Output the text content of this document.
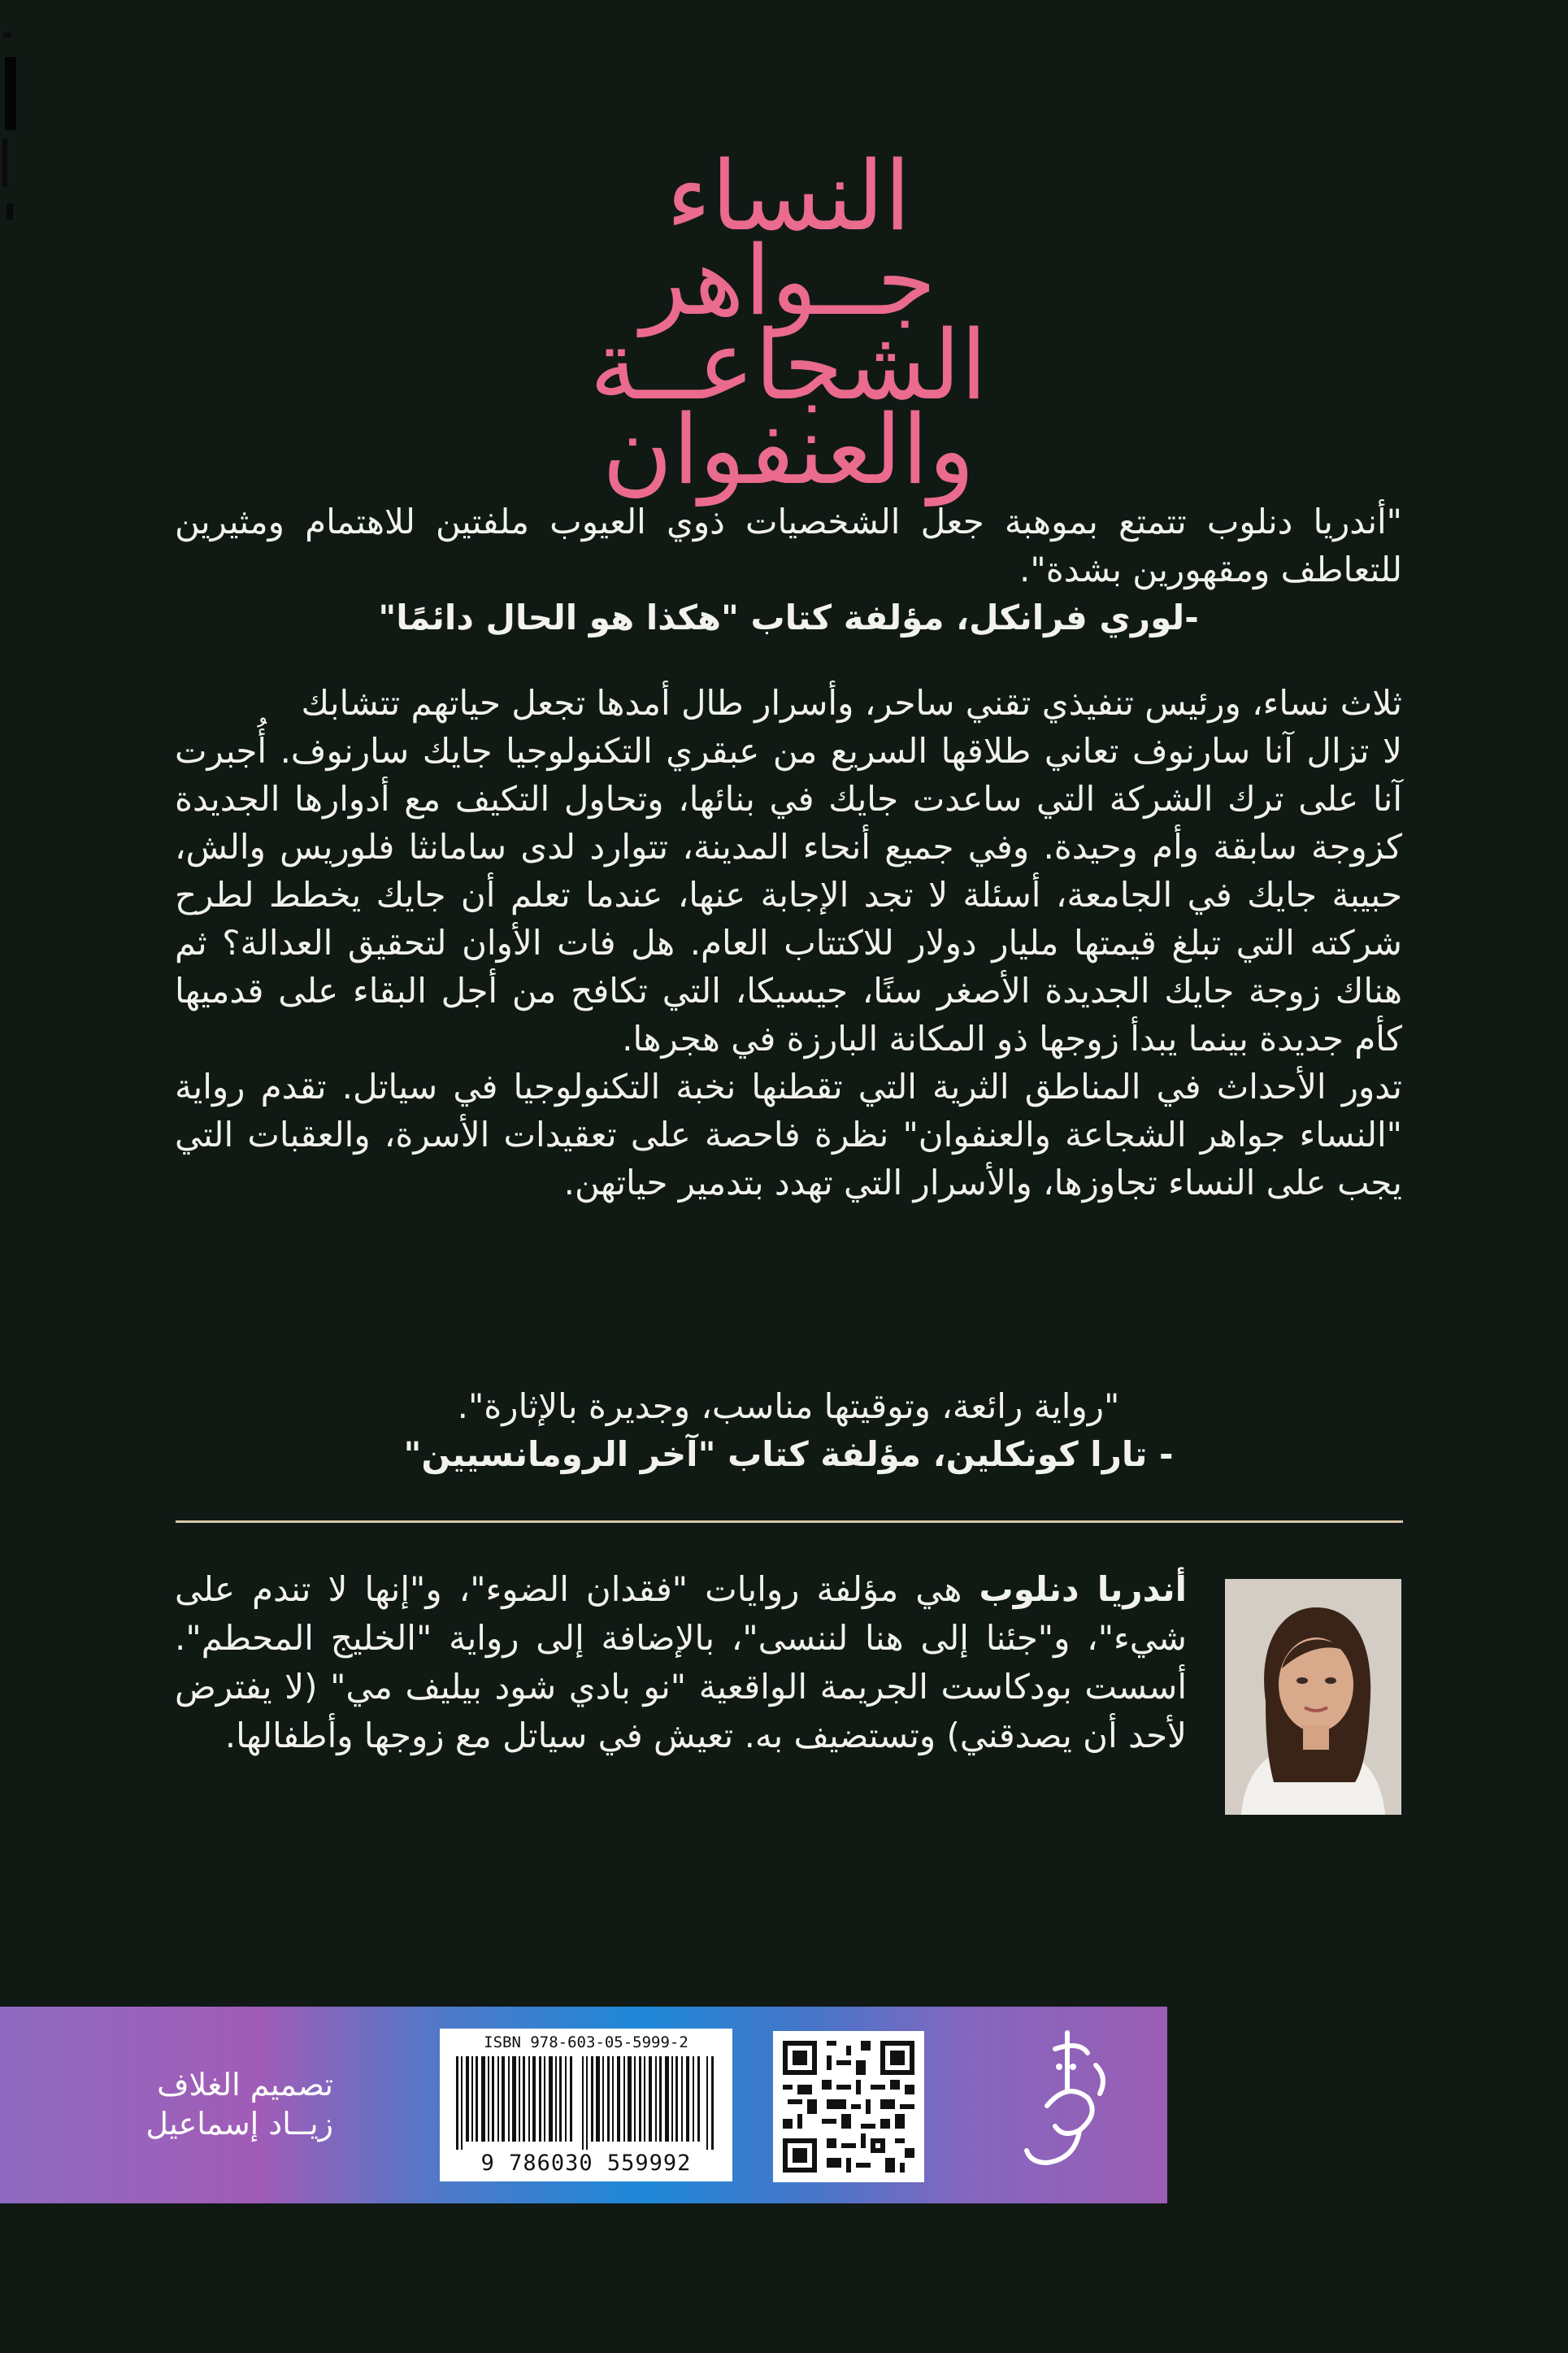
النساء
جــواهر
الشجاعــة
والعنفوان
"أندريا دنلوب تتمتع بموهبة جعل الشخصيات ذوي العيوب ملفتين للاهتمام ومثيرين للتعاطف ومقهورين بشدة".
-لوري فرانكل، مؤلفة كتاب "هكذا هو الحال دائمًا"

ثلاث نساء، ورئيس تنفيذي تقني ساحر، وأسرار طال أمدها تجعل حياتهم تتشابك

لا تزال آنا سارنوف تعاني طلاقها السريع من عبقري التكنولوجيا جايك سارنوف. أُجبرت آنا على ترك الشركة التي ساعدت جايك في بنائها، وتحاول التكيف مع أدوارها الجديدة كزوجة سابقة وأم وحيدة. وفي جميع أنحاء المدينة، تتوارد لدى سامانثا فلوريس والش، حبيبة جايك في الجامعة، أسئلة لا تجد الإجابة عنها، عندما تعلم أن جايك يخطط لطرح شركته التي تبلغ قيمتها مليار دولار للاكتتاب العام. هل فات الأوان لتحقيق العدالة؟ ثم هناك زوجة جايك الجديدة الأصغر سنًا، جيسيكا، التي تكافح من أجل البقاء على قدميها كأم جديدة بينما يبدأ زوجها ذو المكانة البارزة في هجرها.

تدور الأحداث في المناطق الثرية التي تقطنها نخبة التكنولوجيا في سياتل. تقدم رواية "النساء جواهر الشجاعة والعنفوان" نظرة فاحصة على تعقيدات الأسرة، والعقبات التي يجب على النساء تجاوزها، والأسرار التي تهدد بتدمير حياتهن.

"رواية رائعة، وتوقيتها مناسب، وجديرة بالإثارة".
- تارا كونكلين، مؤلفة كتاب "آخر الرومانسيين"
أندريا دنلوب هي مؤلفة روايات "فقدان الضوء"، و"إنها لا تندم على شيء"، و"جئنا إلى هنا لننسى"، بالإضافة إلى رواية "الخليج المحطم". أسست بودكاست الجريمة الواقعية "نو بادي شود بيليف مي" (لا يفترض لأحد أن يصدقني) وتستضيف به. تعيش في سياتل مع زوجها وأطفالها.
تصميم الغلاف
زيــاد إسماعيل
ISBN 978-603-05-5999-2
9 786030 559992
